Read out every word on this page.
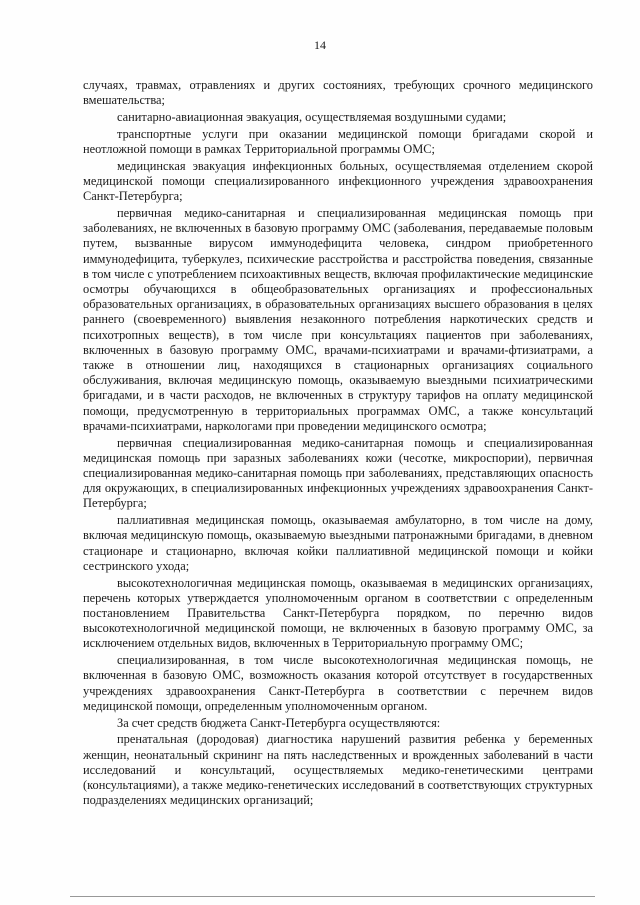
14

случаях, травмах, отравлениях и других состояниях, требующих срочного медицинского вмешательства;

санитарно-авиационная эвакуация, осуществляемая воздушными судами;

транспортные услуги при оказании медицинской помощи бригадами скорой и неотложной помощи в рамках Территориальной программы ОМС;

медицинская эвакуация инфекционных больных, осуществляемая отделением скорой медицинской помощи специализированного инфекционного учреждения здравоохранения Санкт-Петербурга;

первичная медико-санитарная и специализированная медицинская помощь при заболеваниях, не включенных в базовую программу ОМС (заболевания, передаваемые половым путем, вызванные вирусом иммунодефицита человека, синдром приобретенного иммунодефицита, туберкулез, психические расстройства и расстройства поведения, связанные в том числе с употреблением психоактивных веществ, включая профилактические медицинские осмотры обучающихся в общеобразовательных организациях и профессиональных образовательных организациях, в образовательных организациях высшего образования в целях раннего (своевременного) выявления незаконного потребления наркотических средств и психотропных веществ), в том числе при консультациях пациентов при заболеваниях, включенных в базовую программу ОМС, врачами-психиатрами и врачами-фтизиатрами, а также в отношении лиц, находящихся в стационарных организациях социального обслуживания, включая медицинскую помощь, оказываемую выездными психиатрическими бригадами, и в части расходов, не включенных в структуру тарифов на оплату медицинской помощи, предусмотренную в территориальных программах ОМС, а также консультаций врачами-психиатрами, наркологами при проведении медицинского осмотра;

первичная специализированная медико-санитарная помощь и специализированная медицинская помощь при заразных заболеваниях кожи (чесотке, микроспории), первичная специализированная медико-санитарная помощь при заболеваниях, представляющих опасность для окружающих, в специализированных инфекционных учреждениях здравоохранения Санкт-Петербурга;

паллиативная медицинская помощь, оказываемая амбулаторно, в том числе на дому, включая медицинскую помощь, оказываемую выездными патронажными бригадами, в дневном стационаре и стационарно, включая койки паллиативной медицинской помощи и койки сестринского ухода;

высокотехнологичная медицинская помощь, оказываемая в медицинских организациях, перечень которых утверждается уполномоченным органом в соответствии с определенным постановлением Правительства Санкт-Петербурга порядком, по перечню видов высокотехнологичной медицинской помощи, не включенных в базовую программу ОМС, за исключением отдельных видов, включенных в Территориальную программу ОМС;

специализированная, в том числе высокотехнологичная медицинская помощь, не включенная в базовую ОМС, возможность оказания которой отсутствует в государственных учреждениях здравоохранения Санкт-Петербурга в соответствии с перечнем видов медицинской помощи, определенным уполномоченным органом.

За счет средств бюджета Санкт-Петербурга осуществляются:

пренатальная (дородовая) диагностика нарушений развития ребенка у беременных женщин, неонатальный скрининг на пять наследственных и врожденных заболеваний в части исследований и консультаций, осуществляемых медико-генетическими центрами (консультациями), а также медико-генетических исследований в соответствующих структурных подразделениях медицинских организаций;
